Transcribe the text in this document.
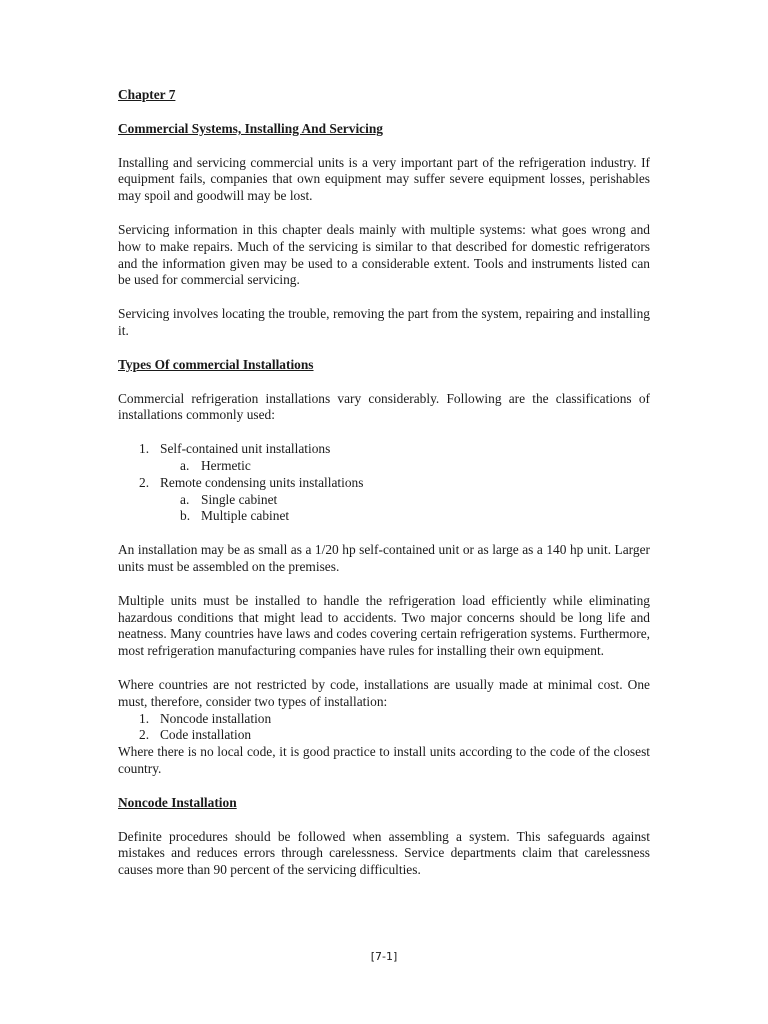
Chapter 7
Commercial Systems, Installing And Servicing

Installing and servicing commercial units is a very important part of the refrigeration industry. If equipment fails, companies that own equipment may suffer severe equipment losses, perishables may spoil and goodwill may be lost.

Servicing information in this chapter deals mainly with multiple systems: what goes wrong and how to make repairs. Much of the servicing is similar to that described for domestic refrigerators and the information given may be used to a considerable extent. Tools and instruments listed can be used for commercial servicing.

Servicing involves locating the trouble, removing the part from the system, repairing and installing it.

Types Of commercial Installations

Commercial refrigeration installations vary considerably. Following are the classifications of installations commonly used:

1. Self-contained unit installations
a. Hermetic
2. Remote condensing units installations
a. Single cabinet
b. Multiple cabinet

An installation may be as small as a 1/20 hp self-contained unit or as large as a 140 hp unit. Larger units must be assembled on the premises.

Multiple units must be installed to handle the refrigeration load efficiently while eliminating hazardous conditions that might lead to accidents. Two major concerns should be long life and neatness. Many countries have laws and codes covering certain refrigeration systems. Furthermore, most refrigeration manufacturing companies have rules for installing their own equipment.

Where countries are not restricted by code, installations are usually made at minimal cost. One must, therefore, consider two types of installation:

1. Noncode installation
2. Code installation

Where there is no local code, it is good practice to install units according to the code of the closest country.

Noncode Installation

Definite procedures should be followed when assembling a system. This safeguards against mistakes and reduces errors through carelessness. Service departments claim that carelessness causes more than 90 percent of the servicing difficulties.

[7-1]
